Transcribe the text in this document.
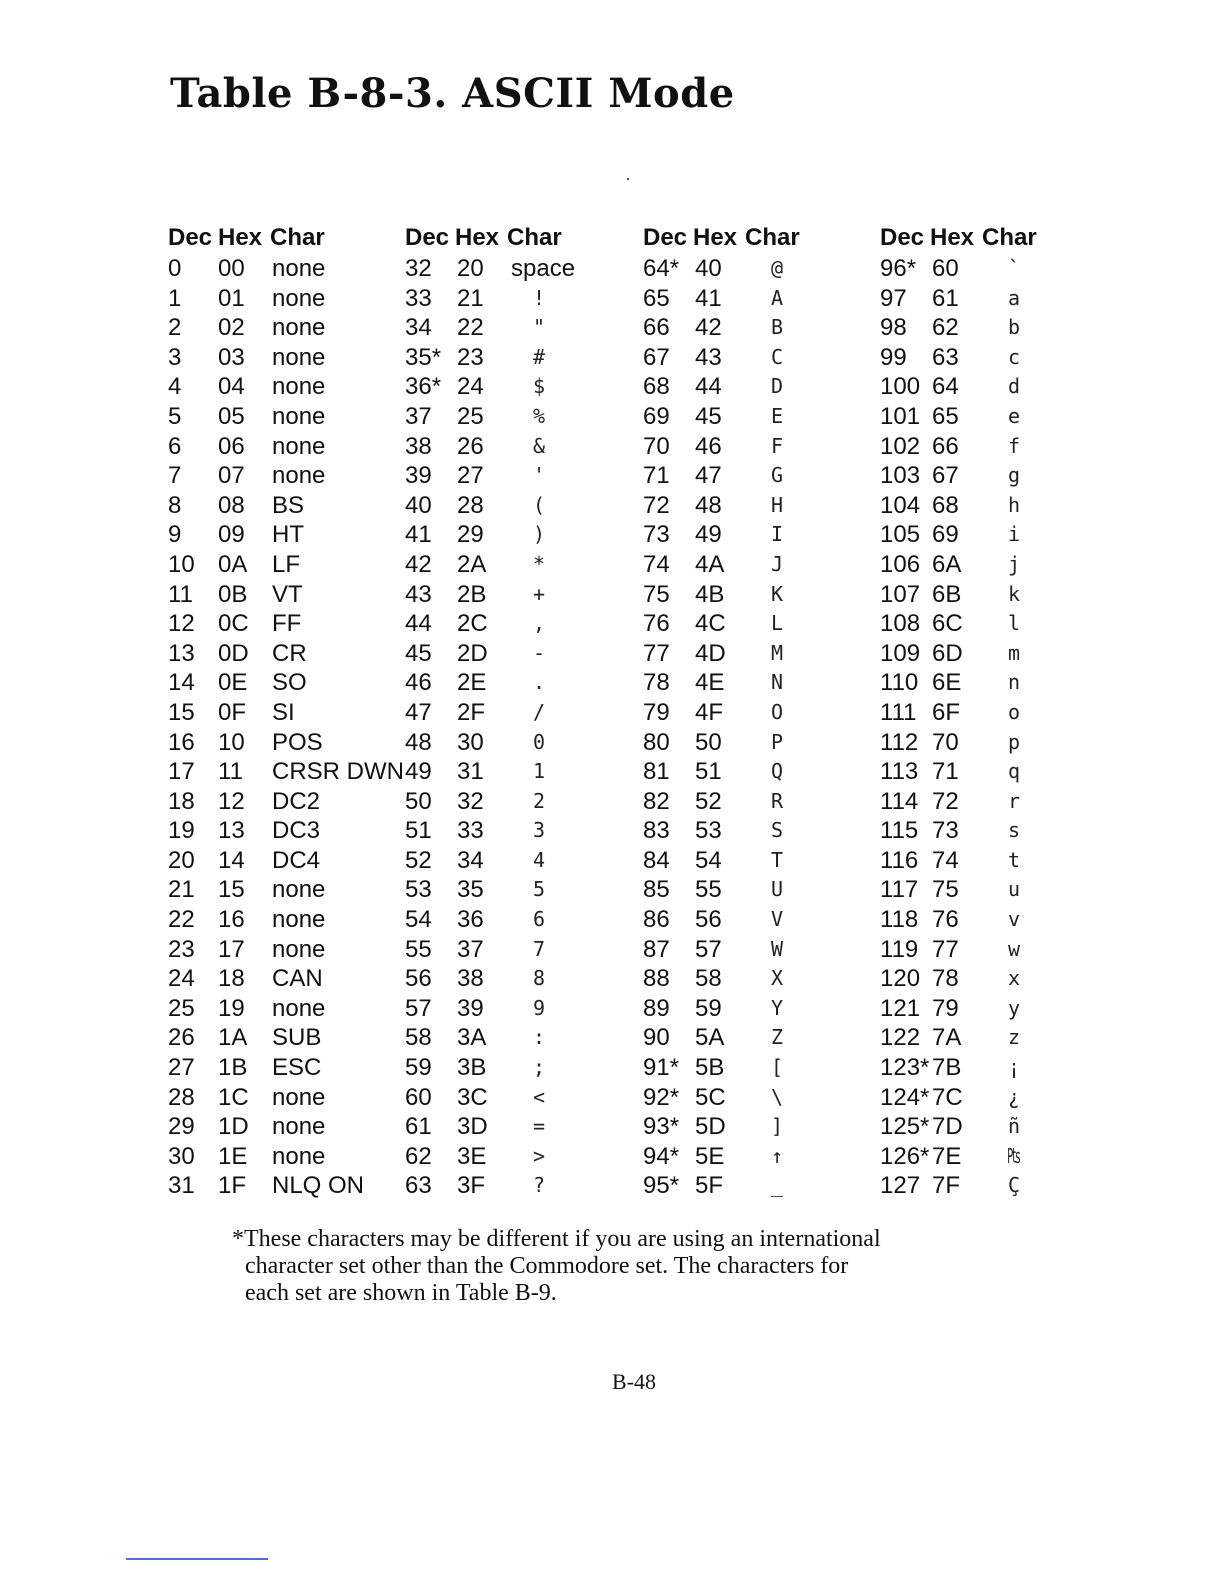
Table B-8-3. ASCII Mode
Dec Hex Char
0 00 none
1 01 none
2 02 none
3 03 none
4 04 none
5 05 none
6 06 none
7 07 none
8 08 BS
9 09 HT
10 0A LF
11 0B VT
12 0C FF
13 0D CR
14 0E SO
15 0F SI
16 10 POS
17 11 CRSR DWN
18 12 DC2
19 13 DC3
20 14 DC4
21 15 none
22 16 none
23 17 none
24 18 CAN
25 19 none
26 1A SUB
27 1B ESC
28 1C none
29 1D none
30 1E none
31 1F NLQ ON
Dec Hex Char
32 20 space
33 21 !
34 22 "
35* 23 #
36* 24 $
37 25 %
38 26 &
39 27 '
40 28 (
41 29 )
42 2A *
43 2B +
44 2C ,
45 2D -
46 2E .
47 2F /
48 30 0
49 31 1
50 32 2
51 33 3
52 34 4
53 35 5
54 36 6
55 37 7
56 38 8
57 39 9
58 3A :
59 3B ;
60 3C <
61 3D =
62 3E >
63 3F ?
Dec Hex Char
64* 40 @
65 41 A
66 42 B
67 43 C
68 44 D
69 45 E
70 46 F
71 47 G
72 48 H
73 49 I
74 4A J
75 4B K
76 4C L
77 4D M
78 4E N
79 4F O
80 50 P
81 51 Q
82 52 R
83 53 S
84 54 T
85 55 U
86 56 V
87 57 W
88 58 X
89 59 Y
90 5A Z
91* 5B [
92* 5C \
93* 5D ]
94* 5E ↑
95* 5F _
Dec Hex Char
96* 60 `
97 61 a
98 62 b
99 63 c
100 64 d
101 65 e
102 66 f
103 67 g
104 68 h
105 69 i
106 6A j
107 6B k
108 6C l
109 6D m
110 6E n
111 6F o
112 70 p
113 71 q
114 72 r
115 73 s
116 74 t
117 75 u
118 76 v
119 77 w
120 78 x
121 79 y
122 7A z
123* 7B ¡
124* 7C ¿
125* 7D ñ
126* 7E ₧
127 7F Ç

*These characters may be different if you are using an international
character set other than the Commodore set. The characters for
each set are shown in Table B-9.

B-48
